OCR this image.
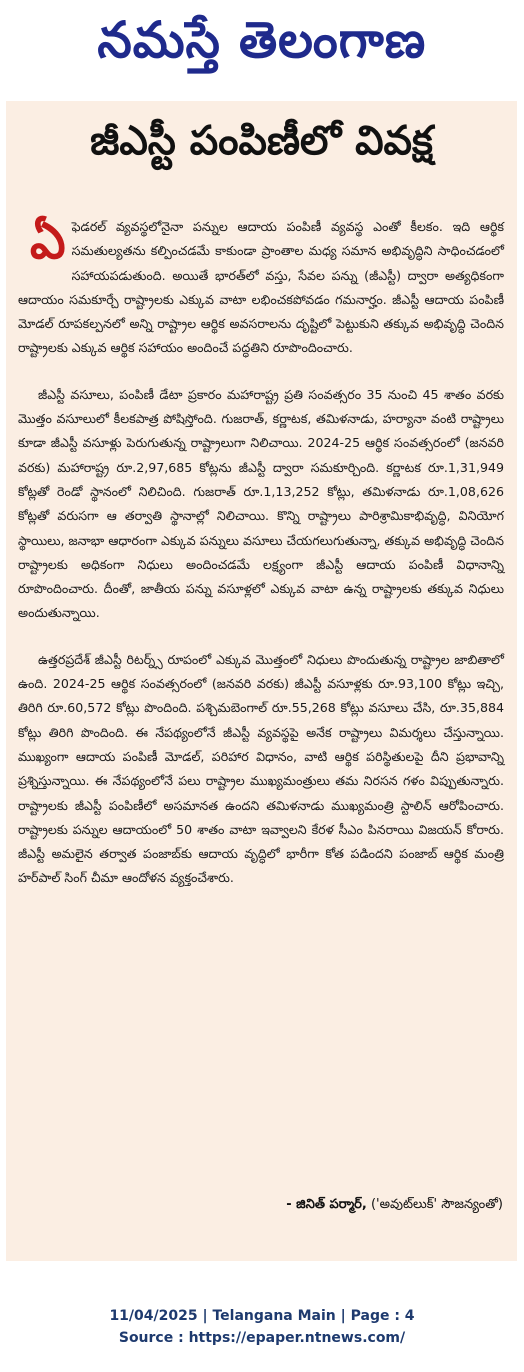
నమస్తే తెలంగాణ
జీఎస్టీ పంపిణీలో వివక్ష

ఏ ఫెడరల్ వ్యవస్థలోనైనా పన్నుల ఆదాయ పంపిణీ వ్యవస్థ ఎంతో కీలకం. ఇది ఆర్థిక సమతుల్యతను కల్పించడమే కాకుండా ప్రాంతాల మధ్య సమాన అభివృద్ధిని సాధించడంలో సహాయపడుతుంది. అయితే భారత్‌లో వస్తు, సేవల పన్ను (జీఎస్టీ) ద్వారా అత్యధికంగా ఆదాయం సమకూర్చే రాష్ట్రాలకు ఎక్కువ వాటా లభించకపోవడం గమనార్హం. జీఎస్టీ ఆదాయ పంపిణీ మోడల్ రూపకల్పనలో అన్ని రాష్ట్రాల ఆర్థిక అవసరాలను దృష్టిలో పెట్టుకుని తక్కువ అభివృద్ధి చెందిన రాష్ట్రాలకు ఎక్కువ ఆర్థిక సహాయం అందించే పద్ధతిని రూపొందించారు.

జీఎస్టీ వసూలు, పంపిణీ డేటా ప్రకారం మహారాష్ట్ర ప్రతి సంవత్సరం 35 నుంచి 45 శాతం వరకు మొత్తం వసూలులో కీలకపాత్ర పోషిస్తోంది. గుజరాత్, కర్ణాటక, తమిళనాడు, హర్యానా వంటి రాష్ట్రాలు కూడా జీఎస్టీ వసూళ్లు పెరుగుతున్న రాష్ట్రాలుగా నిలిచాయి. 2024-25 ఆర్థిక సంవత్సరంలో (జనవరి వరకు) మహారాష్ట్ర రూ.2,97,685 కోట్లను జీఎస్టీ ద్వారా సమకూర్చింది. కర్ణాటక రూ.1,31,949 కోట్లతో రెండో స్థానంలో నిలిచింది. గుజరాత్ రూ.1,13,252 కోట్లు, తమిళనాడు రూ.1,08,626 కోట్లతో వరుసగా ఆ తర్వాతి స్థానాల్లో నిలిచాయి. కొన్ని రాష్ట్రాలు పారిశ్రామికాభివృద్ధి, వినియోగ స్థాయిలు, జనాభా ఆధారంగా ఎక్కువ పన్నులు వసూలు చేయగలుగుతున్నా, తక్కువ అభివృద్ధి చెందిన రాష్ట్రాలకు అధికంగా నిధులు అందించడమే లక్ష్యంగా జీఎస్టీ ఆదాయ పంపిణీ విధానాన్ని రూపొందించారు. దీంతో, జాతీయ పన్ను వసూళ్లలో ఎక్కువ వాటా ఉన్న రాష్ట్రాలకు తక్కువ నిధులు అందుతున్నాయి.

ఉత్తరప్రదేశ్ జీఎస్టీ రిటర్న్స్ రూపంలో ఎక్కువ మొత్తంలో నిధులు పొందుతున్న రాష్ట్రాల జాబితాలో ఉంది. 2024-25 ఆర్థిక సంవత్సరంలో (జనవరి వరకు) జీఎస్టీ వసూళ్లకు రూ.93,100 కోట్లు ఇచ్చి, తిరిగి రూ.60,572 కోట్లు పొందింది. పశ్చిమబెంగాల్ రూ.55,268 కోట్లు వసూలు చేసి, రూ.35,884 కోట్లు తిరిగి పొందింది. ఈ నేపథ్యంలోనే జీఎస్టీ వ్యవస్థపై అనేక రాష్ట్రాలు విమర్శలు చేస్తున్నాయి. ముఖ్యంగా ఆదాయ పంపిణీ మోడల్, పరిహార విధానం, వాటి ఆర్థిక పరిస్థితులపై దీని ప్రభావాన్ని ప్రశ్నిస్తున్నాయి. ఈ నేపథ్యంలోనే పలు రాష్ట్రాల ముఖ్యమంత్రులు తమ నిరసన గళం విప్పుతున్నారు. రాష్ట్రాలకు జీఎస్టీ పంపిణీలో అసమానత ఉందని తమిళనాడు ముఖ్యమంత్రి స్టాలిన్ ఆరోపించారు. రాష్ట్రాలకు పన్నుల ఆదాయంలో 50 శాతం వాటా ఇవ్వాలని కేరళ సీఎం పినరాయి విజయన్ కోరారు. జీఎస్టీ అమలైన తర్వాత పంజాబ్‌కు ఆదాయ వృద్ధిలో భారీగా కోత పడిందని పంజాబ్ ఆర్థిక మంత్రి హర్‌పాల్ సింగ్ చీమా ఆందోళన వ్యక్తంచేశారు.

- జినిత్ పర్మార్, ('అవుట్‌లుక్' సౌజన్యంతో)
11/04/2025 | Telangana Main | Page : 4
Source : https://epaper.ntnews.com/
